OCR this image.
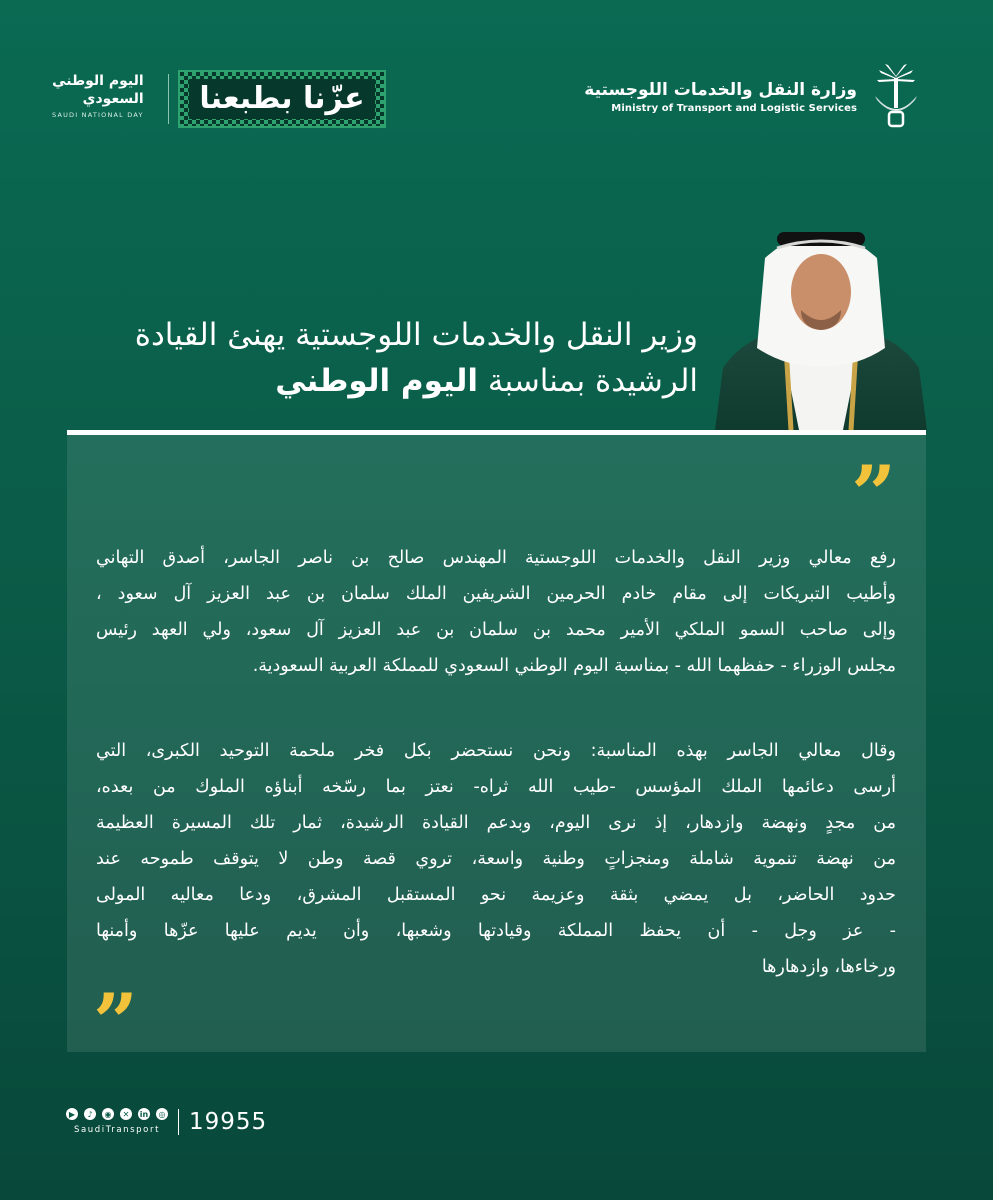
وزارة النقل والخدمات اللوجستية
Ministry of Transport and Logistic Services
اليوم الوطني
السعودي
SAUDI NATIONAL DAY	عزّنا بطبعنا
وزير النقل والخدمات اللوجستية يهنئ القيادة
الرشيدة بمناسبة اليوم الوطني
”
رفع معالي وزير النقل والخدمات اللوجستية المهندس صالح بن ناصر الجاسر، أصدق التهاني
وأطيب التبريكات إلى مقام خادم الحرمين الشريفين الملك سلمان بن عبد العزيز آل سعود ،
وإلى صاحب السمو الملكي الأمير محمد بن سلمان بن عبد العزيز آل سعود، ولي العهد رئيس
مجلس الوزراء - حفظهما الله - بمناسبة اليوم الوطني السعودي للمملكة العربية السعودية.
وقال معالي الجاسر بهذه المناسبة: ونحن نستحضر بكل فخر ملحمة التوحيد الكبرى، التي
أرسى دعائمها الملك المؤسس -طيب الله ثراه- نعتز بما رسّخه أبناؤه الملوك من بعده،
من مجدٍ ونهضة وازدهار، إذ نرى اليوم، وبدعم القيادة الرشيدة، ثمار تلك المسيرة العظيمة
من نهضة تنموية شاملة ومنجزاتٍ وطنية واسعة، تروي قصة وطن لا يتوقف طموحه عند
حدود الحاضر، بل يمضي بثقة وعزيمة نحو المستقبل المشرق، ودعا معاليه المولى
- عز وجل - أن يحفظ المملكة وقيادتها وشعبها، وأن يديم عليها عزّها وأمنها
ورخاءها، وازدهارها
”
▶	♪	◉	✕	in	◎
SaudiTransport 19955
